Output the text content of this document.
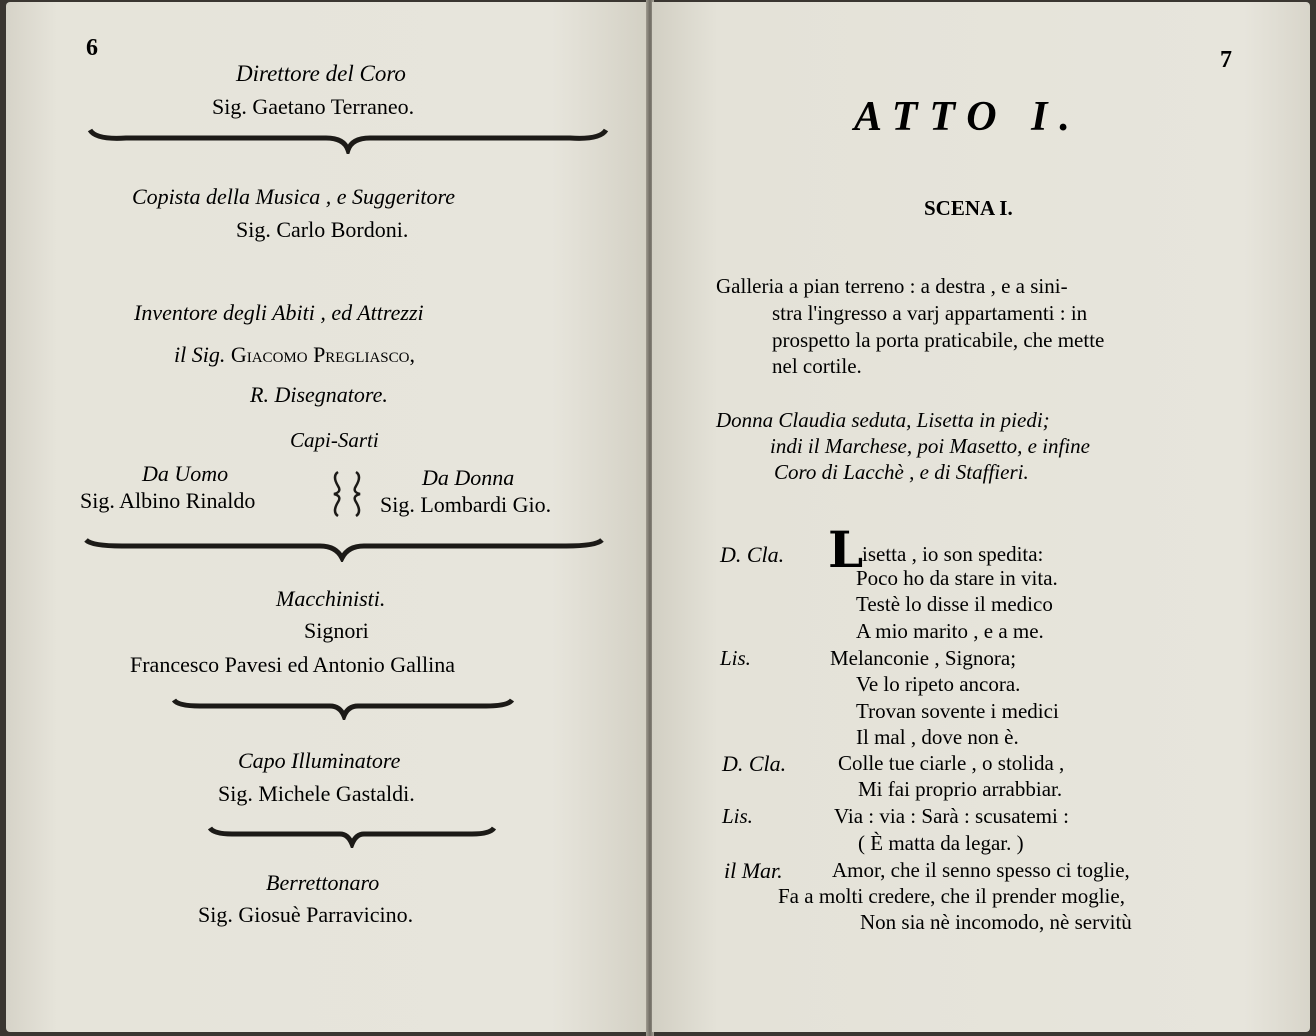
6
Direttore del Coro
Sig. Gaetano Terraneo.
Copista della Musica , e Suggeritore
Sig. Carlo Bordoni.
Inventore degli Abiti , ed Attrezzi
il Sig. Giacomo Pregliasco,
R. Disegnatore.
Capi-Sarti
Da Uomo
Sig. Albino Rinaldo
Da Donna
Sig. Lombardi Gio.
Macchinisti.
Signori
Francesco Pavesi ed Antonio Gallina
Capo Illuminatore
Sig. Michele Gastaldi.
Berrettonaro
Sig. Giosuè Parravicino.
7
ATTO I.
SCENA I.
Galleria a pian terreno : a destra , e a sini-
stra l'ingresso a varj appartamenti : in
prospetto la porta praticabile, che mette
nel cortile.
Donna Claudia seduta, Lisetta in piedi;
indi il Marchese, poi Masetto, e infine
Coro di Lacchè , e di Staffieri.
D. Cla. L
isetta , io son spedita:
Poco ho da stare in vita.
Testè lo disse il medico
A mio marito , e a me.
Lis.	Melanconie , Signora;
Ve lo ripeto ancora.
Trovan sovente i medici
Il mal , dove non è.
D. Cla. Colle tue ciarle , o stolida ,
Mi fai proprio arrabbiar.
Lis.	Via : via : Sarà : scusatemi :
( È matta da legar. )
il Mar. Amor, che il senno spesso ci toglie,
Fa a molti credere, che il prender moglie,
Non sia nè incomodo, nè servitù
